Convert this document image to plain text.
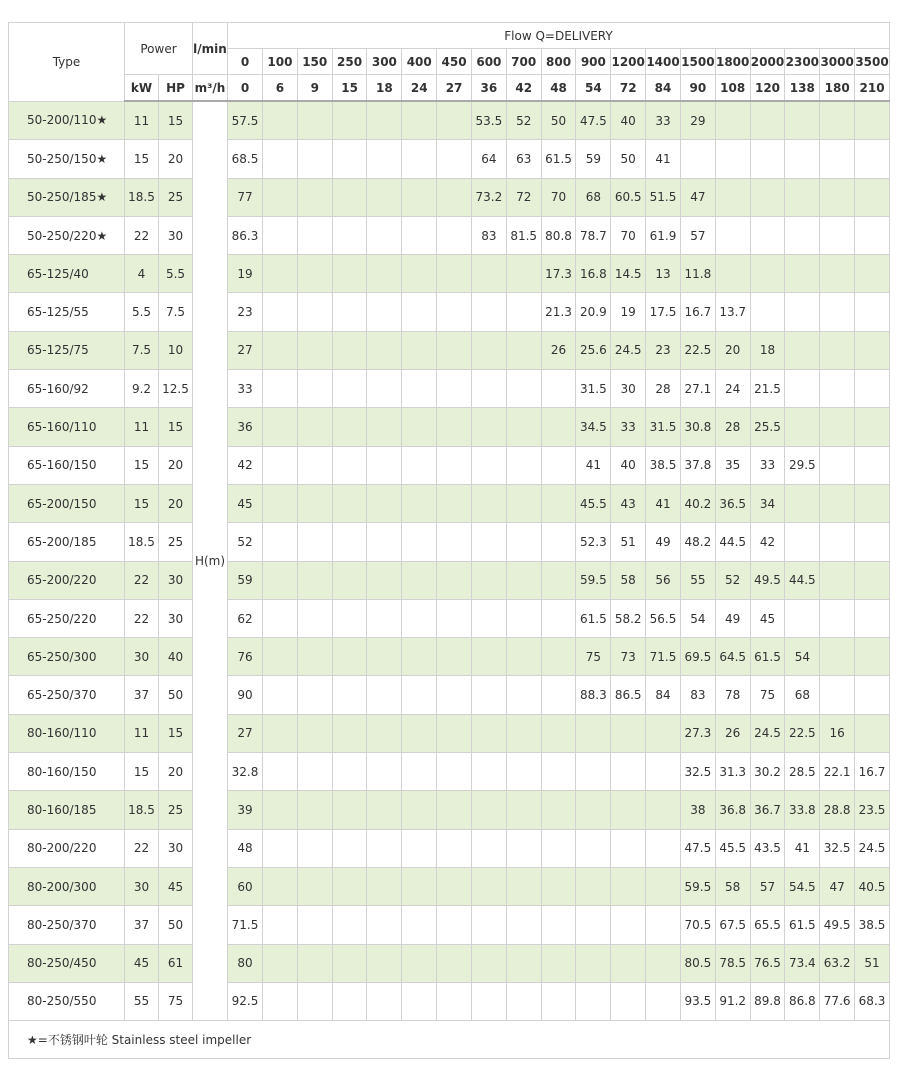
Type	Power		l/min	Flow Q=DELIVERY																		
				0	100	150	250	300	400	450	600	700	800	900	1200	1400	1500	1800	2000	2300	3000	3500
	kW	HP	m³/h	0	6	9	15	18	24	27	36	42	48	54	72	84	90	108	120	138	180	210
50-200/110★	11	15	H(m)	57.5							53.5	52	50	47.5	40	33	29					
50-250/150★	15	20		68.5							64	63	61.5	59	50	41						
50-250/185★	18.5	25		77							73.2	72	70	68	60.5	51.5	47					
50-250/220★	22	30		86.3							83	81.5	80.8	78.7	70	61.9	57					
65-125/40	4	5.5		19									17.3	16.8	14.5	13	11.8					
65-125/55	5.5	7.5		23									21.3	20.9	19	17.5	16.7	13.7				
65-125/75	7.5	10		27									26	25.6	24.5	23	22.5	20	18			
65-160/92	9.2	12.5		33										31.5	30	28	27.1	24	21.5			
65-160/110	11	15		36										34.5	33	31.5	30.8	28	25.5			
65-160/150	15	20		42										41	40	38.5	37.8	35	33	29.5		
65-200/150	15	20		45										45.5	43	41	40.2	36.5	34			
65-200/185	18.5	25		52										52.3	51	49	48.2	44.5	42			
65-200/220	22	30		59										59.5	58	56	55	52	49.5	44.5		
65-250/220	22	30		62										61.5	58.2	56.5	54	49	45			
65-250/300	30	40		76										75	73	71.5	69.5	64.5	61.5	54		
65-250/370	37	50		90										88.3	86.5	84	83	78	75	68		
80-160/110	11	15		27													27.3	26	24.5	22.5	16	
80-160/150	15	20		32.8													32.5	31.3	30.2	28.5	22.1	16.7
80-160/185	18.5	25		39													38	36.8	36.7	33.8	28.8	23.5
80-200/220	22	30		48													47.5	45.5	43.5	41	32.5	24.5
80-200/300	30	45		60													59.5	58	57	54.5	47	40.5
80-250/370	37	50		71.5													70.5	67.5	65.5	61.5	49.5	38.5
80-250/450	45	61		80													80.5	78.5	76.5	73.4	63.2	51
80-250/550	55	75		92.5													93.5	91.2	89.8	86.8	77.6	68.3
★=不锈钢叶轮 Stainless steel impeller																						
